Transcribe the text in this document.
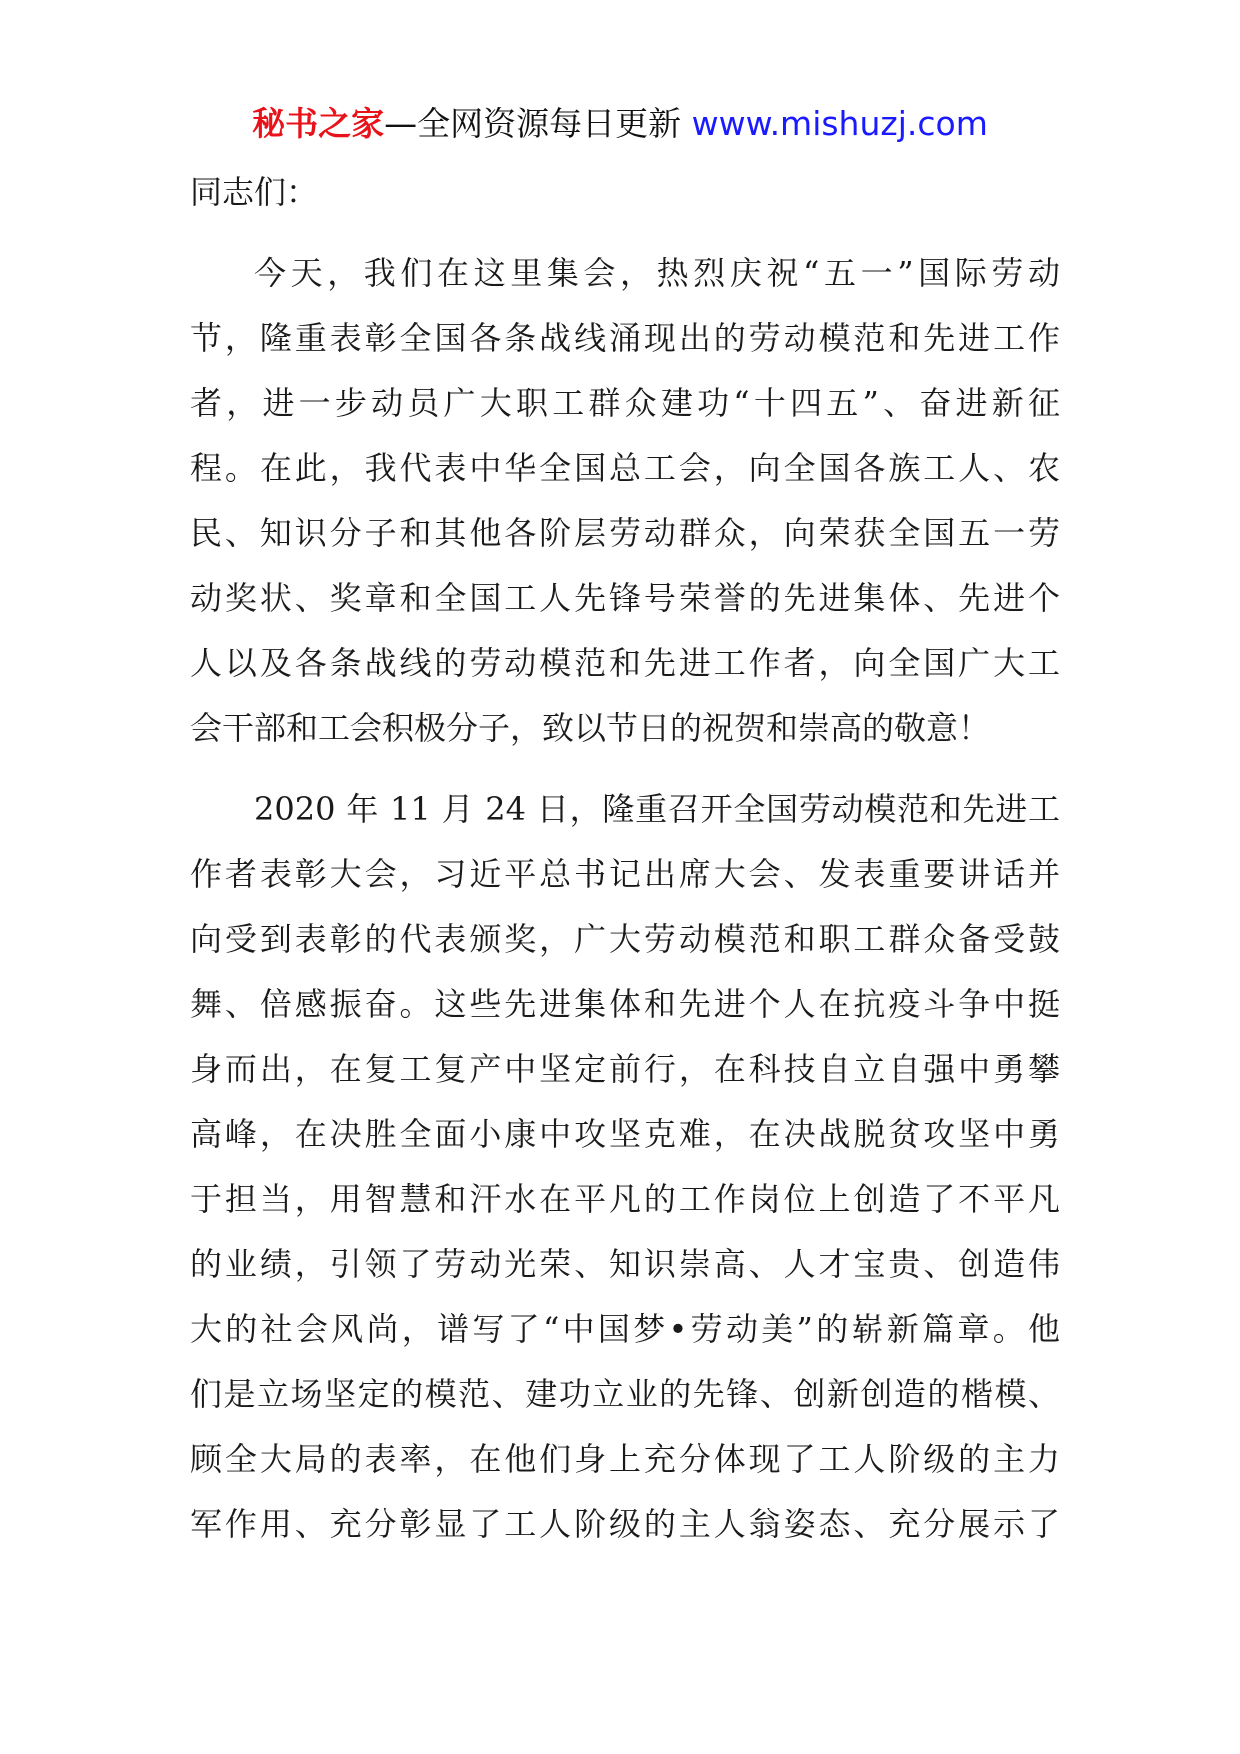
秘书之家—全网资源每日更新 www.mishuzj.com

同志们：

今天，我们在这里集会，热烈庆祝“五一”国际劳动
节，隆重表彰全国各条战线涌现出的劳动模范和先进工作
者，进一步动员广大职工群众建功“十四五”、奋进新征
程。在此，我代表中华全国总工会，向全国各族工人、农
民、知识分子和其他各阶层劳动群众，向荣获全国五一劳
动奖状、奖章和全国工人先锋号荣誉的先进集体、先进个
人以及各条战线的劳动模范和先进工作者，向全国广大工
会干部和工会积极分子，致以节日的祝贺和崇高的敬意！

2020 年 11 月 24 日，隆重召开全国劳动模范和先进工
作者表彰大会，习近平总书记出席大会、发表重要讲话并
向受到表彰的代表颁奖，广大劳动模范和职工群众备受鼓
舞、倍感振奋。这些先进集体和先进个人在抗疫斗争中挺
身而出，在复工复产中坚定前行，在科技自立自强中勇攀
高峰，在决胜全面小康中攻坚克难，在决战脱贫攻坚中勇
于担当，用智慧和汗水在平凡的工作岗位上创造了不平凡
的业绩，引领了劳动光荣、知识崇高、人才宝贵、创造伟
大的社会风尚，谱写了“中国梦•劳动美”的崭新篇章。他
们是立场坚定的模范、建功立业的先锋、创新创造的楷模、
顾全大局的表率，在他们身上充分体现了工人阶级的主力
军作用、充分彰显了工人阶级的主人翁姿态、充分展示了
